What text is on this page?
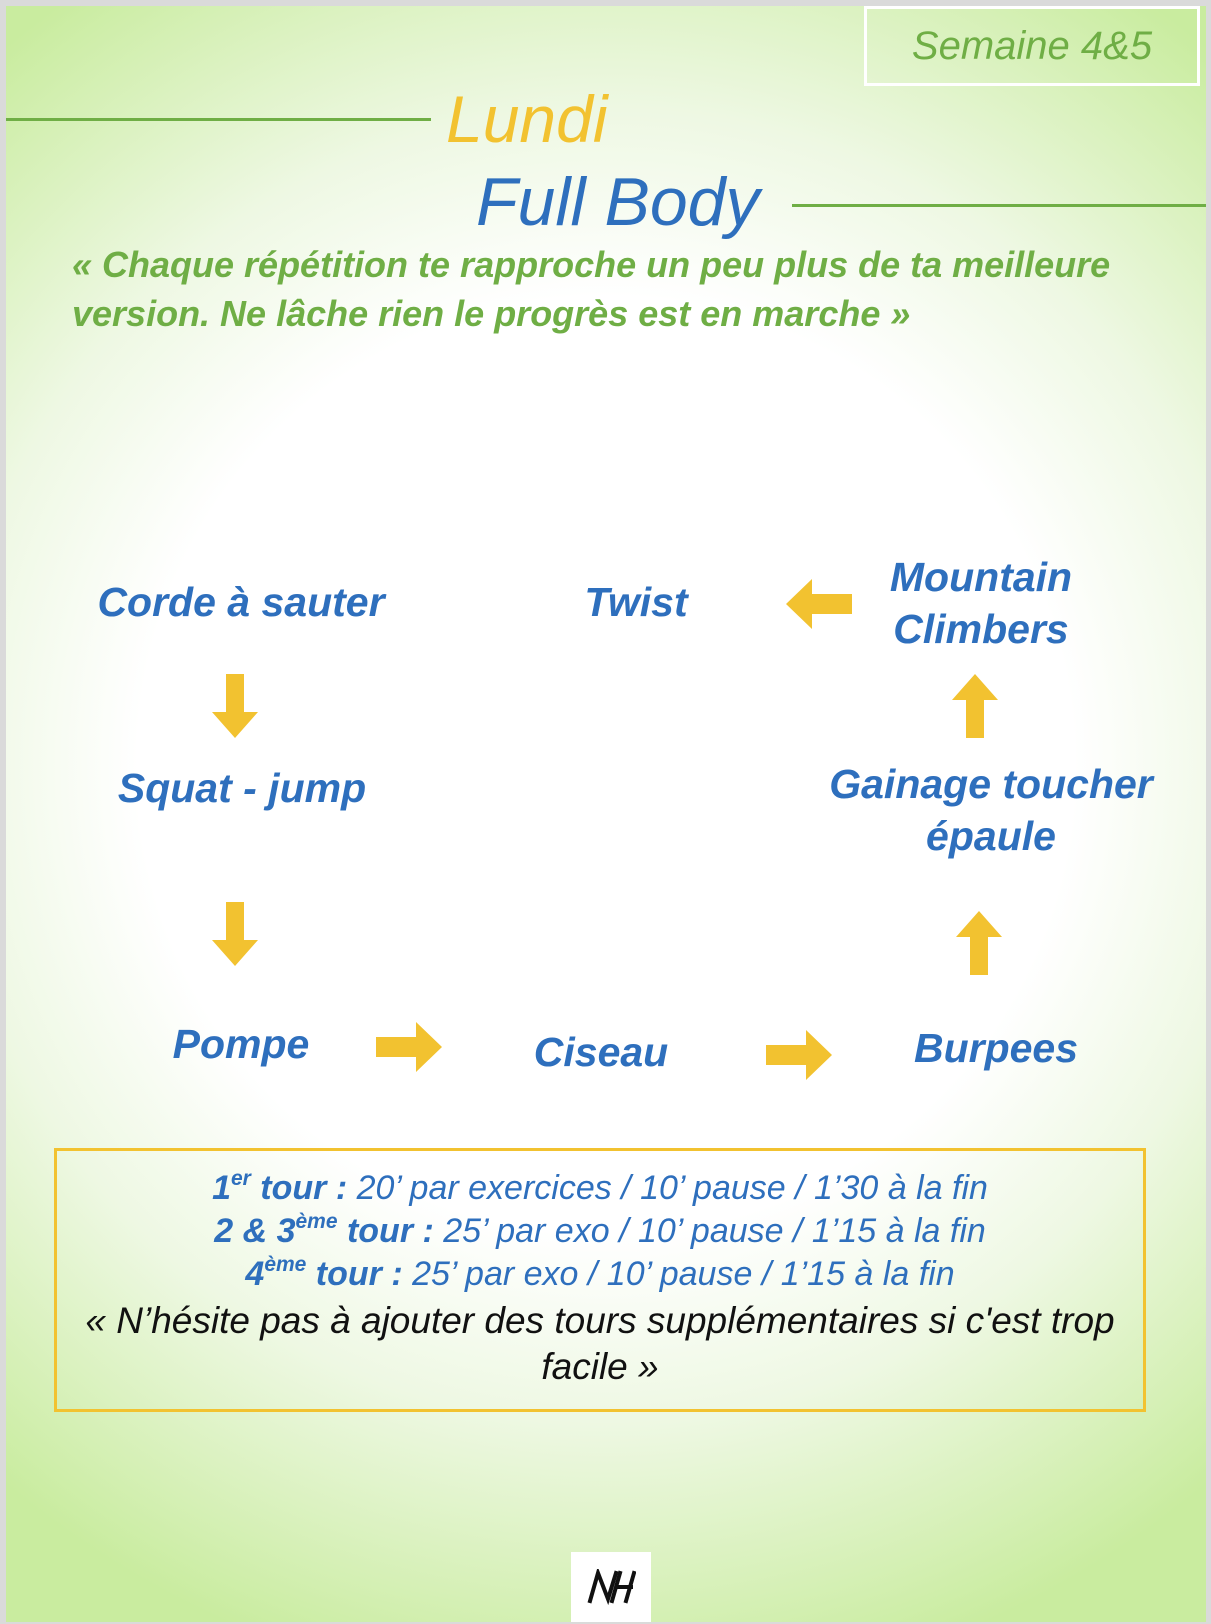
Semaine 4&5
Lundi
Full Body
« Chaque répétition te rapproche un peu plus de ta meilleure version. Ne lâche rien le progrès est en marche »
Corde à sauter
Squat - jump
Pompe	Ciseau	Burpees
Gainage toucher épaule
Mountain Climbers
Twist
1er tour : 20’ par exercices / 10’ pause / 1’30 à la fin
2 & 3ème tour : 25’ par exo / 10’ pause / 1’15 à la fin
4ème tour : 25’ par exo / 10’ pause / 1’15 à la fin
« N’hésite pas à ajouter des tours supplémentaires si c'est trop facile »
